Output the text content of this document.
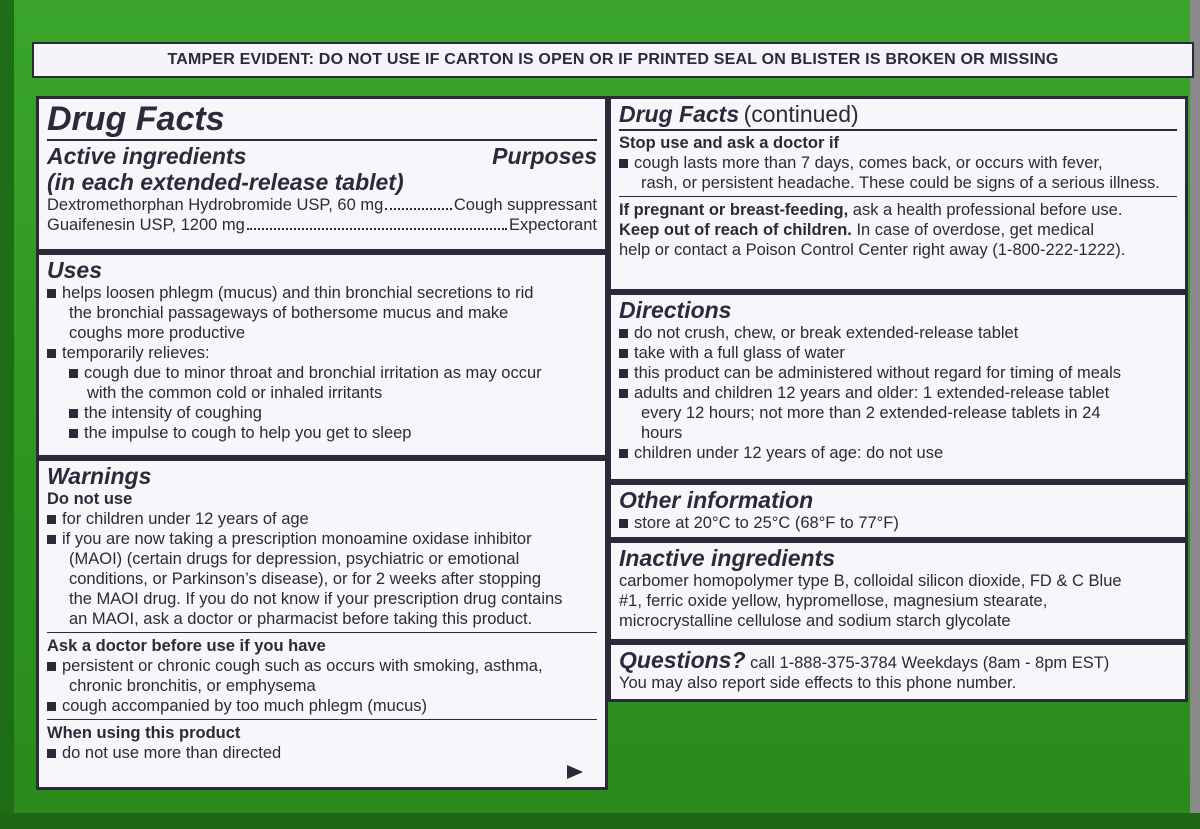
TAMPER EVIDENT: DO NOT USE IF CARTON IS OPEN OR IF PRINTED SEAL ON BLISTER IS BROKEN OR MISSING
Drug Facts
Active ingredients
(in each extended-release tablet)
Purposes
Dextromethorphan Hydrobromide USP, 60 mg	Cough suppressant
Guaifenesin USP, 1200 mg	Expectorant
Uses
helps loosen phlegm (mucus) and thin bronchial secretions to rid
the bronchial passageways of bothersome mucus and make
coughs more productive
temporarily relieves:
cough due to minor throat and bronchial irritation as may occur
with the common cold or inhaled irritants
the intensity of coughing
the impulse to cough to help you get to sleep
Warnings
Do not use
for children under 12 years of age
if you are now taking a prescription monoamine oxidase inhibitor
(MAOI) (certain drugs for depression, psychiatric or emotional
conditions, or Parkinson’s disease), or for 2 weeks after stopping
the MAOI drug. If you do not know if your prescription drug contains
an MAOI, ask a doctor or pharmacist before taking this product.
Ask a doctor before use if you have
persistent or chronic cough such as occurs with smoking, asthma,
chronic bronchitis, or emphysema
cough accompanied by too much phlegm (mucus)
When using this product
do not use more than directed
Drug Facts (continued)
Stop use and ask a doctor if
cough lasts more than 7 days, comes back, or occurs with fever,
rash, or persistent headache. These could be signs of a serious illness.
If pregnant or breast-feeding, ask a health professional before use.
Keep out of reach of children. In case of overdose, get medical
help or contact a Poison Control Center right away (1-800-222-1222).
Directions
do not crush, chew, or break extended-release tablet
take with a full glass of water
this product can be administered without regard for timing of meals
adults and children 12 years and older: 1 extended-release tablet
every 12 hours; not more than 2 extended-release tablets in 24
hours
children under 12 years of age: do not use
Other information
store at 20°C to 25°C (68°F to 77°F)
Inactive ingredients
carbomer homopolymer type B, colloidal silicon dioxide, FD & C Blue
#1, ferric oxide yellow, hypromellose, magnesium stearate,
microcrystalline cellulose and sodium starch glycolate
Questions? call 1-888-375-3784 Weekdays (8am - 8pm EST)
You may also report side effects to this phone number.
